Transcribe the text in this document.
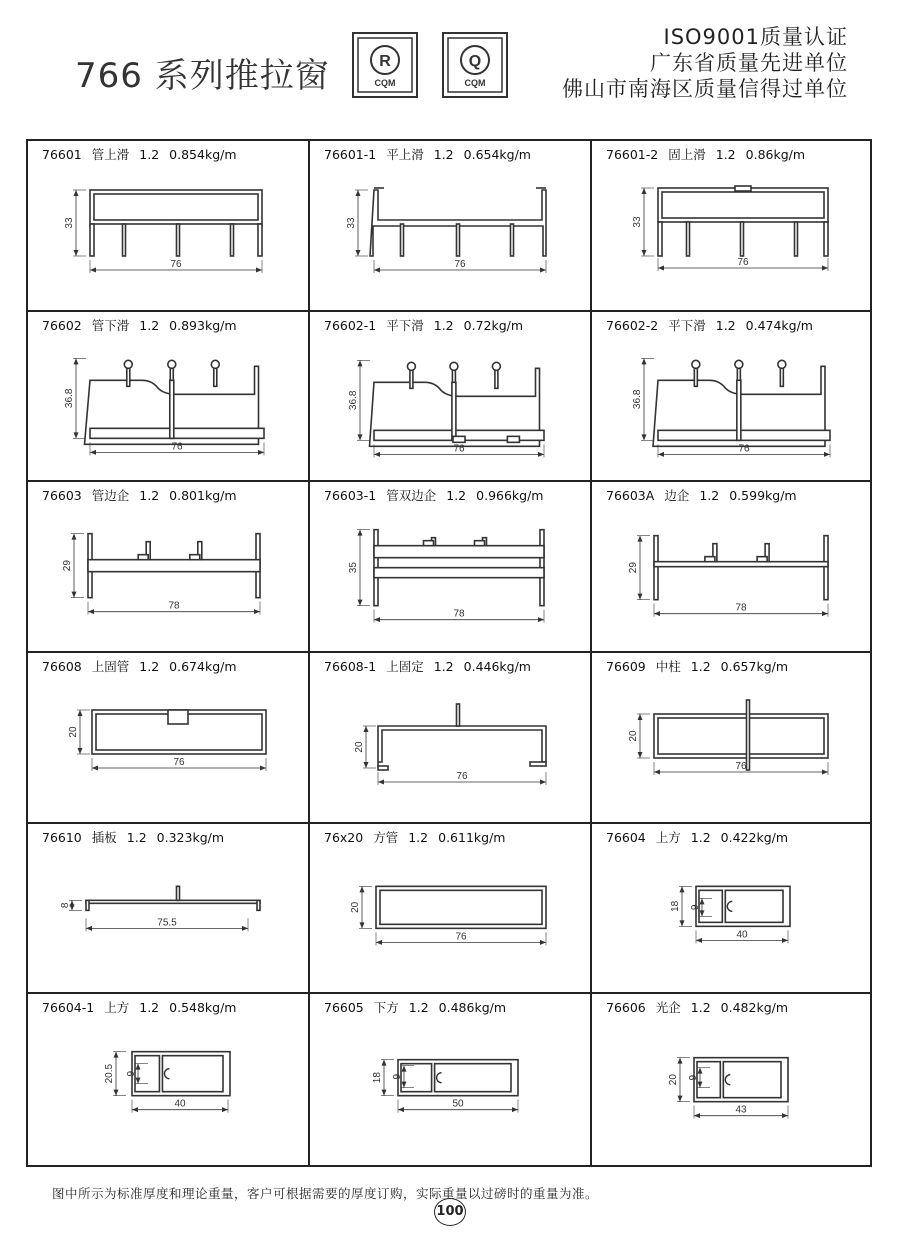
766 系列推拉窗	R
CQM
Q
CQM
ISO9001质量认证
广东省质量先进单位
佛山市南海区质量信得过单位
76601 管上滑 1.2 0.854kg/m
33
76
76601-1 平上滑 1.2 0.654kg/m
33
76
76601-2 固上滑 1.2 0.86kg/m
33
76
76602 管下滑 1.2 0.893kg/m
36.8
76
76602-1 平下滑 1.2 0.72kg/m
36.8
76
76602-2 平下滑 1.2 0.474kg/m
36.8
76
76603 管边企 1.2 0.801kg/m
29
78
76603-1 管双边企 1.2 0.966kg/m
35
78
76603A 边企 1.2 0.599kg/m
29
78
76608 上固管 1.2 0.674kg/m
20
76
76608-1 上固定 1.2 0.446kg/m
20
76
76609 中柱 1.2 0.657kg/m
20
76
76610 插板 1.2 0.323kg/m
8
75.5
76x20 方管 1.2 0.611kg/m
20
76
76604 上方 1.2 0.422kg/m
18 9
40
76604-1 上方 1.2 0.548kg/m
20.5 9
40
76605 下方 1.2 0.486kg/m
18 9
50
76606 光企 1.2 0.482kg/m
20 9
43
图中所示为标准厚度和理论重量，客户可根据需要的厚度订购，实际重量以过磅时的重量为准。
100
